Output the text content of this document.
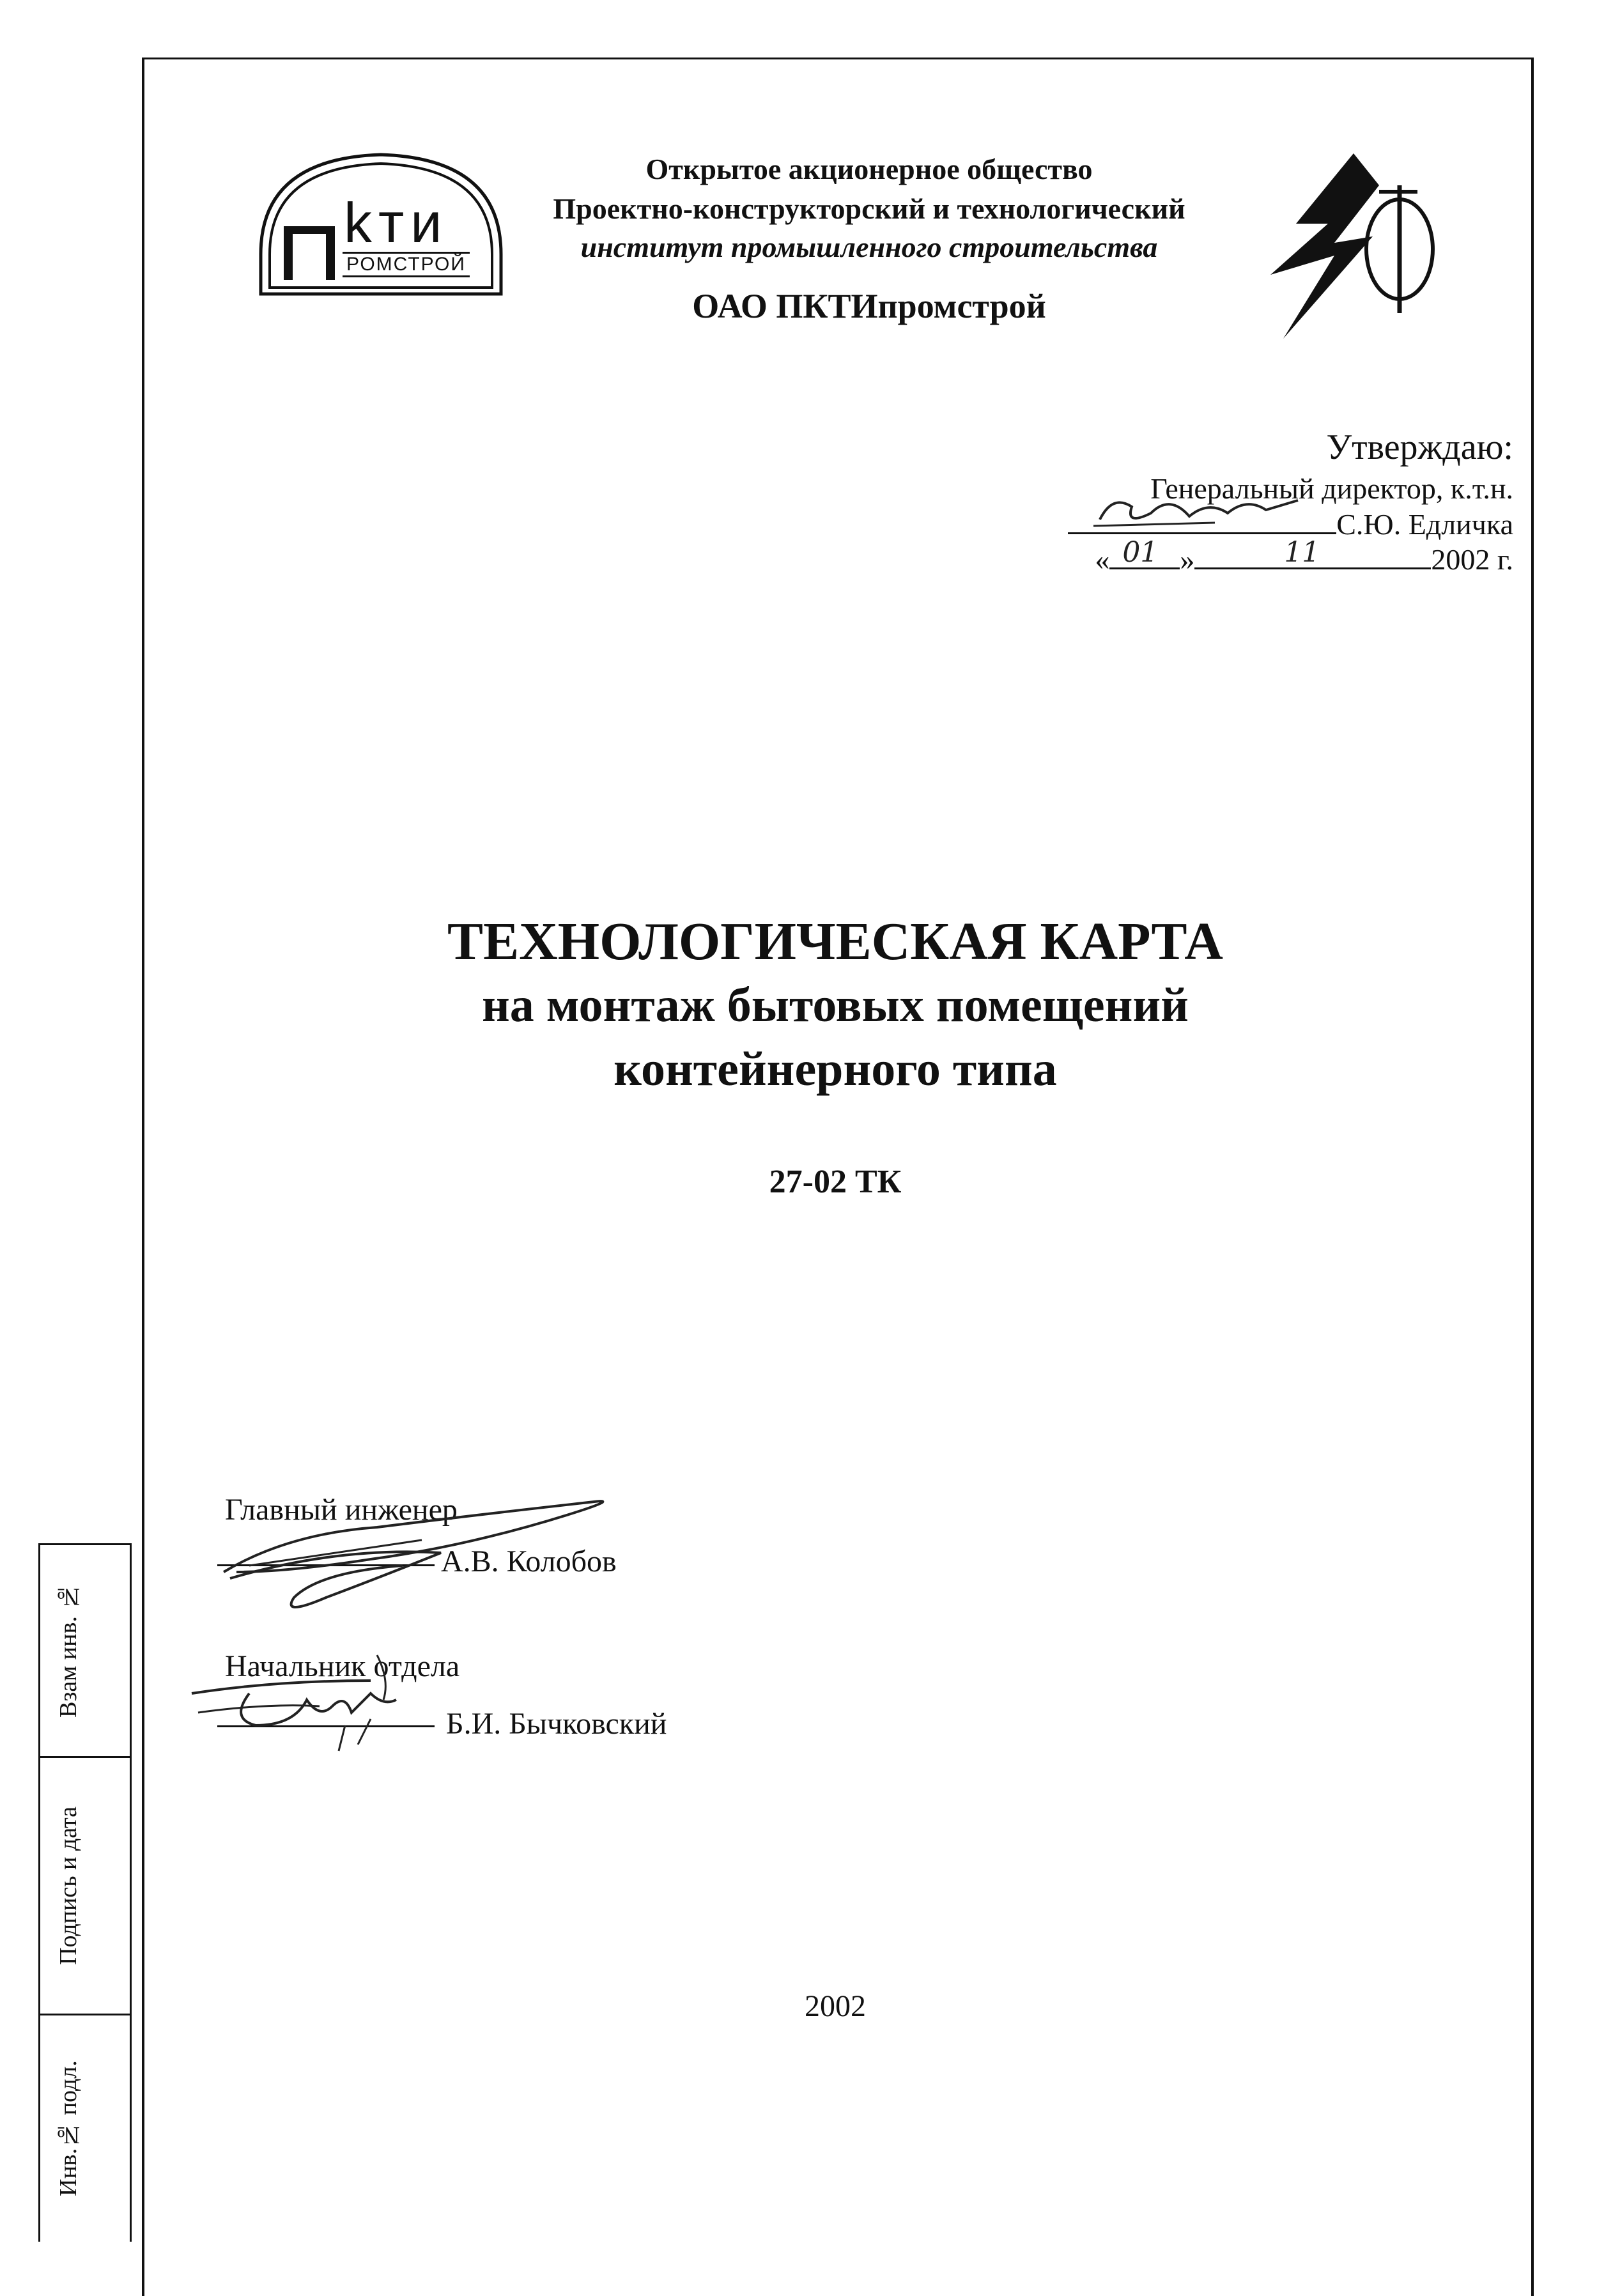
kти
РОМСТРОЙ
Открытое акционерное общество
Проектно-конструкторский и технологический
институт промышленного строительства
ОАО ПКТИпромстрой
Утверждаю:
Генеральный директор, к.т.н.
С.Ю. Едличка
« 01 »	11	2002 г.
ТЕХНОЛОГИЧЕСКАЯ КАРТА
на монтаж бытовых помещений
контейнерного типа
27-02 ТК
Главный инженер
А.В. Колобов
Начальник отдела
Б.И. Бычковский
2002
Взам инв. №
Подпись и дата
Инв.№ подл.
